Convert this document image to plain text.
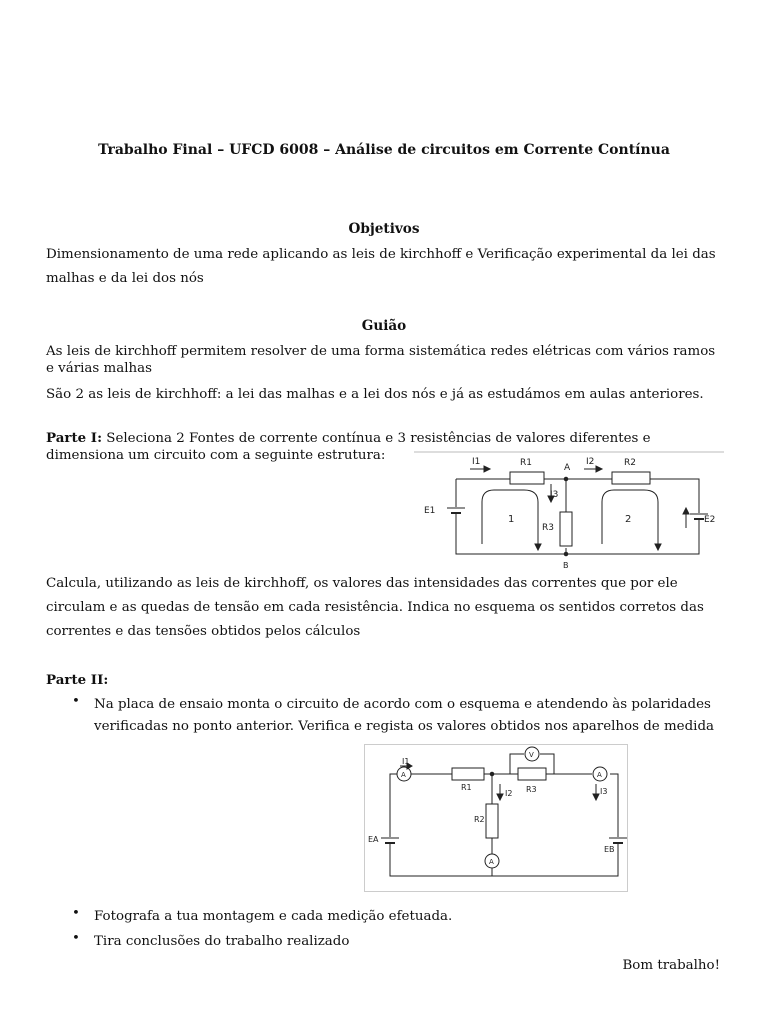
Trabalho Final – UFCD 6008 – Análise de circuitos em Corrente Contínua
Objetivos
Dimensionamento de uma rede aplicando as leis de kirchhoff e Verificação experimental da lei das malhas e da lei dos nós
Guião
As leis de kirchhoff permitem resolver de uma forma sistemática redes elétricas com vários ramos e várias malhas
São 2 as leis de kirchhoff: a lei das malhas e a lei dos nós e já as estudámos em aulas anteriores.
Parte I: Seleciona 2 Fontes de corrente contínua e 3 resistências de valores diferentes e dimensiona um circuito com a seguinte estrutura:	I1	R1	A
I2	R2
I3
R3
E1
E2
1	2
B
Calcula, utilizando as leis de kirchhoff, os valores das intensidades das correntes que por ele circulam e as quedas de tensão em cada resistência. Indica no esquema os sentidos corretos das correntes e das tensões obtidos pelos cálculos
Parte II:
• Na placa de ensaio monta o circuito de acordo com o esquema e atendendo às polaridades verificadas no ponto anterior. Verifica e regista os valores obtidos nos aparelhos de medida
I1
R1	R3
I2
R2
I3
EA
EB
V
A	A
A
• Fotografa a tua montagem e cada medição efetuada.
• Tira conclusões do trabalho realizado
Bom trabalho!
